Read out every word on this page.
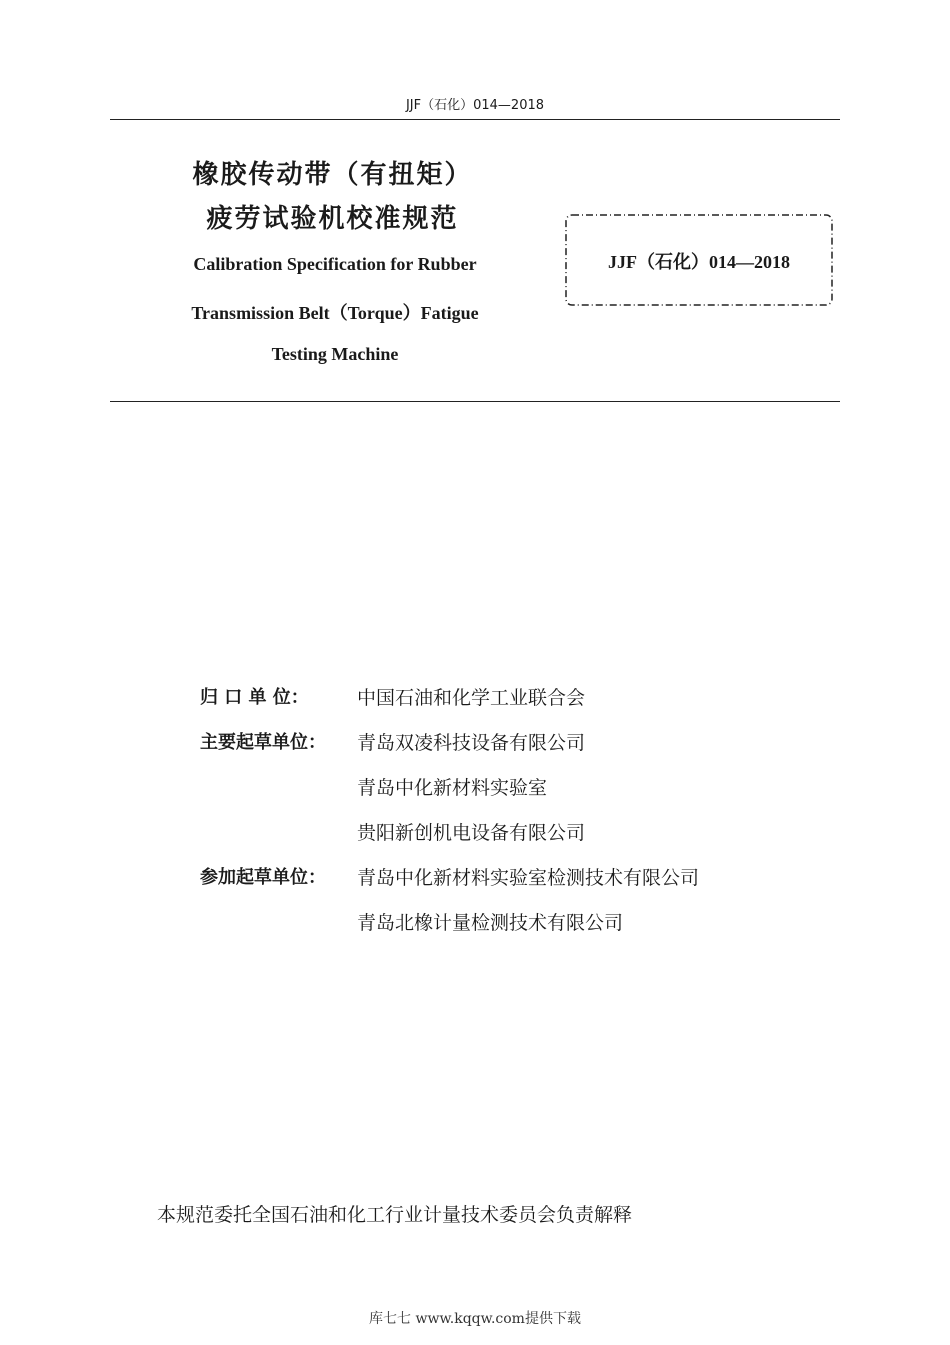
JJF（石化）014—2018
橡胶传动带（有扭矩）
疲劳试验机校准规范
Calibration Specification for Rubber
Transmission Belt（Torque）Fatigue
Testing Machine
JJF（石化）014—2018
归 口 单 位：	中国石油和化学工业联合会
主要起草单位：	青岛双凌科技设备有限公司
青岛中化新材料实验室
贵阳新创机电设备有限公司
参加起草单位：	青岛中化新材料实验室检测技术有限公司
青岛北橡计量检测技术有限公司
本规范委托全国石油和化工行业计量技术委员会负责解释
库七七 www.kqqw.com提供下载
